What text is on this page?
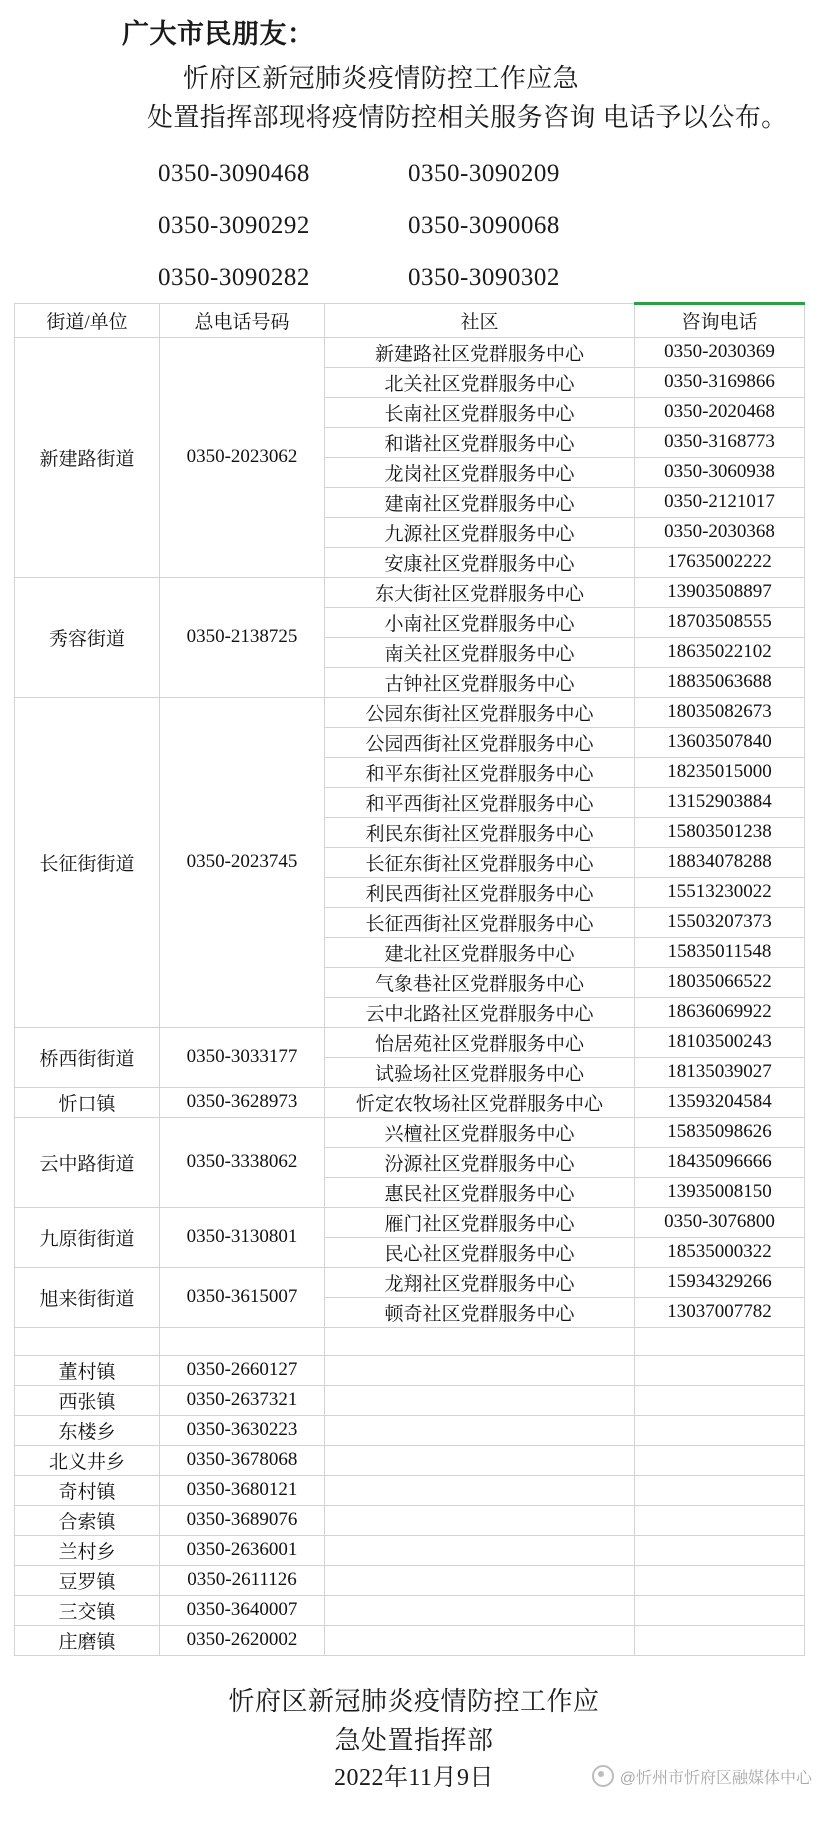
广大市民朋友：
忻府区新冠肺炎疫情防控工作应急
处置指挥部现将疫情防控相关服务咨询 电话予以公布。
0350-3090468	0350-3090209
0350-3090292	0350-3090068
0350-3090282	0350-3090302
街道/单位	总电话号码	社区	咨询电话
新建路街道	0350-2023062	新建路社区党群服务中心	0350-2030369
		北关社区党群服务中心	0350-3169866
		长南社区党群服务中心	0350-2020468
		和谐社区党群服务中心	0350-3168773
		龙岗社区党群服务中心	0350-3060938
		建南社区党群服务中心	0350-2121017
		九源社区党群服务中心	0350-2030368
		安康社区党群服务中心	17635002222
秀容街道	0350-2138725	东大街社区党群服务中心	13903508897
		小南社区党群服务中心	18703508555
		南关社区党群服务中心	18635022102
		古钟社区党群服务中心	18835063688
长征街街道	0350-2023745	公园东街社区党群服务中心	18035082673
		公园西街社区党群服务中心	13603507840
		和平东街社区党群服务中心	18235015000
		和平西街社区党群服务中心	13152903884
		利民东街社区党群服务中心	15803501238
		长征东街社区党群服务中心	18834078288
		利民西街社区党群服务中心	15513230022
		长征西街社区党群服务中心	15503207373
		建北社区党群服务中心	15835011548
		气象巷社区党群服务中心	18035066522
		云中北路社区党群服务中心	18636069922
桥西街街道	0350-3033177	怡居苑社区党群服务中心	18103500243
		试验场社区党群服务中心	18135039027
忻口镇	0350-3628973	忻定农牧场社区党群服务中心	13593204584
云中路街道	0350-3338062	兴檀社区党群服务中心	15835098626
		汾源社区党群服务中心	18435096666
		惠民社区党群服务中心	13935008150
九原街街道	0350-3130801	雁门社区党群服务中心	0350-3076800
		民心社区党群服务中心	18535000322
旭来街街道	0350-3615007	龙翔社区党群服务中心	15934329266
		顿奇社区党群服务中心	13037007782

董村镇	0350-2660127		
西张镇	0350-2637321		
东楼乡	0350-3630223		
北义井乡	0350-3678068		
奇村镇	0350-3680121		
合索镇	0350-3689076		
兰村乡	0350-2636001		
豆罗镇	0350-2611126		
三交镇	0350-3640007		
庄磨镇	0350-2620002		
忻府区新冠肺炎疫情防控工作应
急处置指挥部
2022年11月9日	@忻州市忻府区融媒体中心
